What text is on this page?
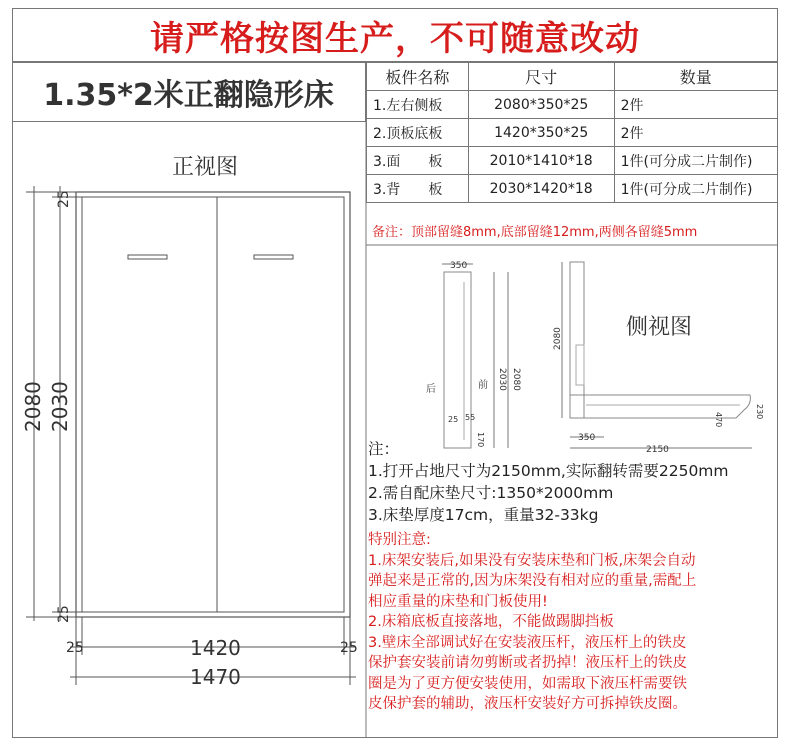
请严格按图生产，不可随意改动
1.35*2米正翻隐形床	板件名称	尺寸	数量
1.左右侧板	2080*350*25	2件
2.顶板底板	1420*350*25	2件
3.面　　板	2010*1410*18	1件(可分成二片制作)
3.背　　板	2030*1420*18	1件(可分成二片制作)
备注：顶部留缝8mm,底部留缝12mm,两侧各留缝5mm
正视图
侧视图
2080 2030
25
25
25	25
1420
1470
350
2030 2080
后	前
25 55
170
2080
350
2150
470
230
注：
1.打开占地尺寸为2150mm,实际翻转需要2250mm
2.需自配床垫尺寸:1350*2000mm
3.床垫厚度17cm，重量32-33kg
特别注意:
1.床架安装后,如果没有安装床垫和门板,床架会自动
弹起来是正常的,因为床架没有相对应的重量,需配上
相应重量的床垫和门板使用!
2.床箱底板直接落地，不能做踢脚挡板
3.壁床全部调试好在安装液压杆，液压杆上的铁皮
保护套安装前请勿剪断或者扔掉！液压杆上的铁皮
圈是为了更方便安装使用，如需取下液压杆需要铁
皮保护套的辅助，液压杆安装好方可拆掉铁皮圈。
